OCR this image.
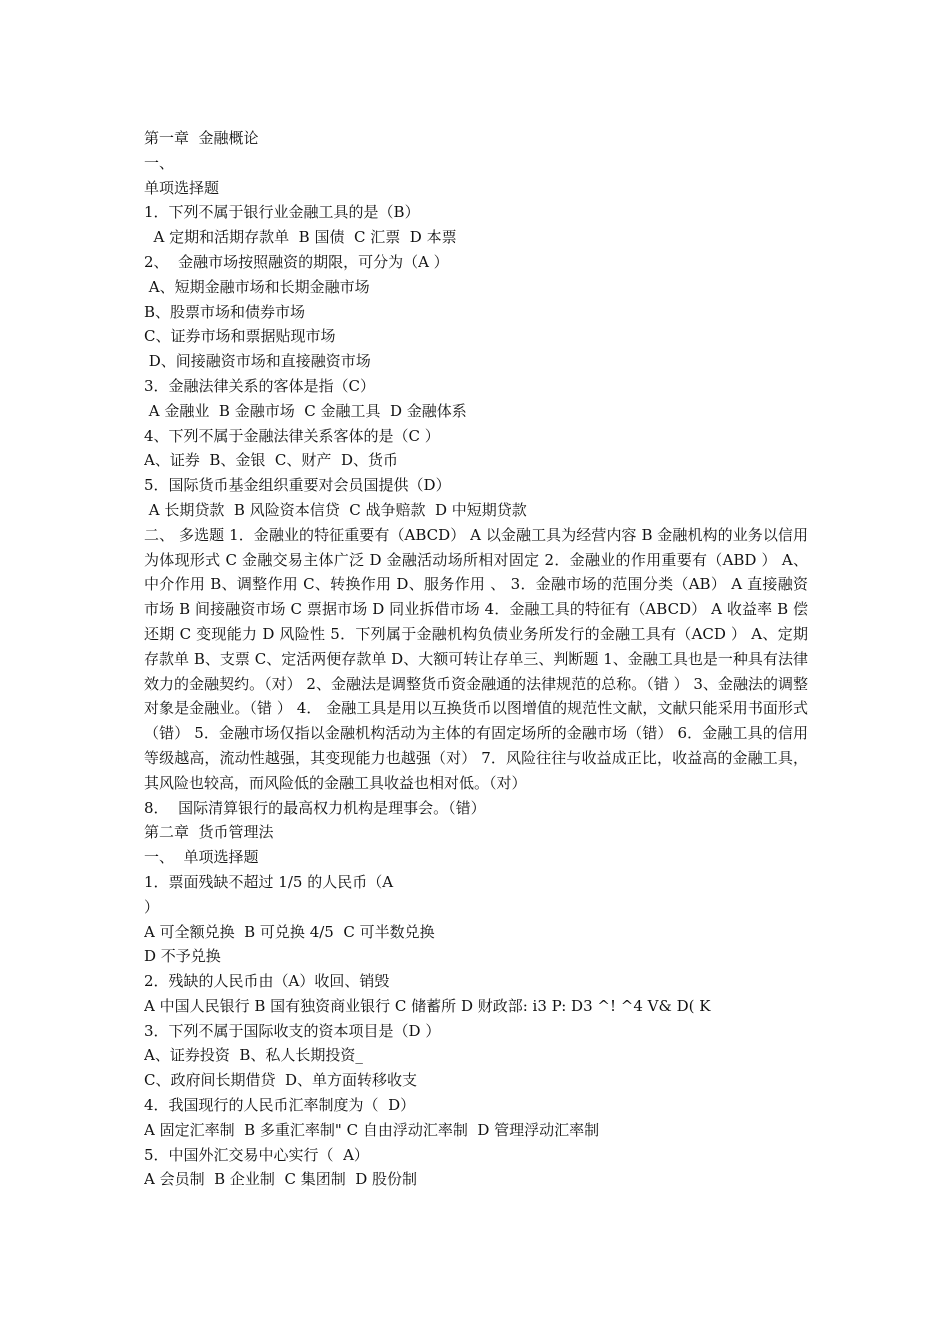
第一章  金融概论
一、
单项选择题
1．下列不属于银行业金融工具的是（B）
A 定期和活期存款单  B 国债  C 汇票  D 本票
2、  金融市场按照融资的期限，可分为（A ）
A、短期金融市场和长期金融市场
B、股票市场和债券市场
C、证券市场和票据贴现市场
D、间接融资市场和直接融资市场
3．金融法律关系的客体是指（C）
A 金融业  B 金融市场  C 金融工具  D 金融体系
4、下列不属于金融法律关系客体的是（C ）
A、证券  B、金银  C、财产  D、货币
5．国际货币基金组织重要对会员国提供（D）
A 长期贷款  B 风险资本信贷  C 战争赔款  D 中短期贷款
二、 多选题 1．金融业的特征重要有（ABCD） A 以金融工具为经营内容 B 金融机构的业务以信用为体现形式 C 金融交易主体广泛 D 金融活动场所相对固定 2．金融业的作用重要有（ABD ） A、中介作用 B、调整作用 C、转换作用 D、服务作用 、 3．金融市场的范围分类（AB） A 直接融资市场 B 间接融资市场 C 票据市场 D 同业拆借市场 4．金融工具的特征有（ABCD） A 收益率 B 偿还期 C 变现能力 D 风险性 5．下列属于金融机构负债业务所发行的金融工具有（ACD ） A、定期存款单 B、支票 C、定活两便存款单 D、大额可转让存单三、判断题 1、金融工具也是一种具有法律效力的金融契约。（对） 2、金融法是调整货币资金融通的法律规范的总称。（错 ） 3、金融法的调整对象是金融业。（错 ） 4． 金融工具是用以互换货币以图增值的规范性文献，文献只能采用书面形式（错） 5．金融市场仅指以金融机构活动为主体的有固定场所的金融市场（错） 6．金融工具的信用等级越高，流动性越强，其变现能力也越强（对） 7．风险往往与收益成正比，收益高的金融工具，其风险也较高，而风险低的金融工具收益也相对低。（对）
8．  国际清算银行的最高权力机构是理事会。（错）
第二章  货币管理法
一、  单项选择题
1．票面残缺不超过 1/5 的人民币（A
）
A 可全额兑换  B 可兑换 4/5  C 可半数兑换
D 不予兑换
2．残缺的人民币由（A）收回、销毁
A 中国人民银行 B 国有独资商业银行 C 储蓄所 D 财政部: i3 P: D3 ^! ^4 V& D( K
3．下列不属于国际收支的资本项目是（D ）
A、证券投资  B、私人长期投资_
C、政府间长期借贷  D、单方面转移收支
4．我国现行的人民币汇率制度为（  D）
A 固定汇率制  B 多重汇率制" C 自由浮动汇率制  D 管理浮动汇率制
5．中国外汇交易中心实行（  A）
A 会员制  B 企业制  C 集团制  D 股份制
